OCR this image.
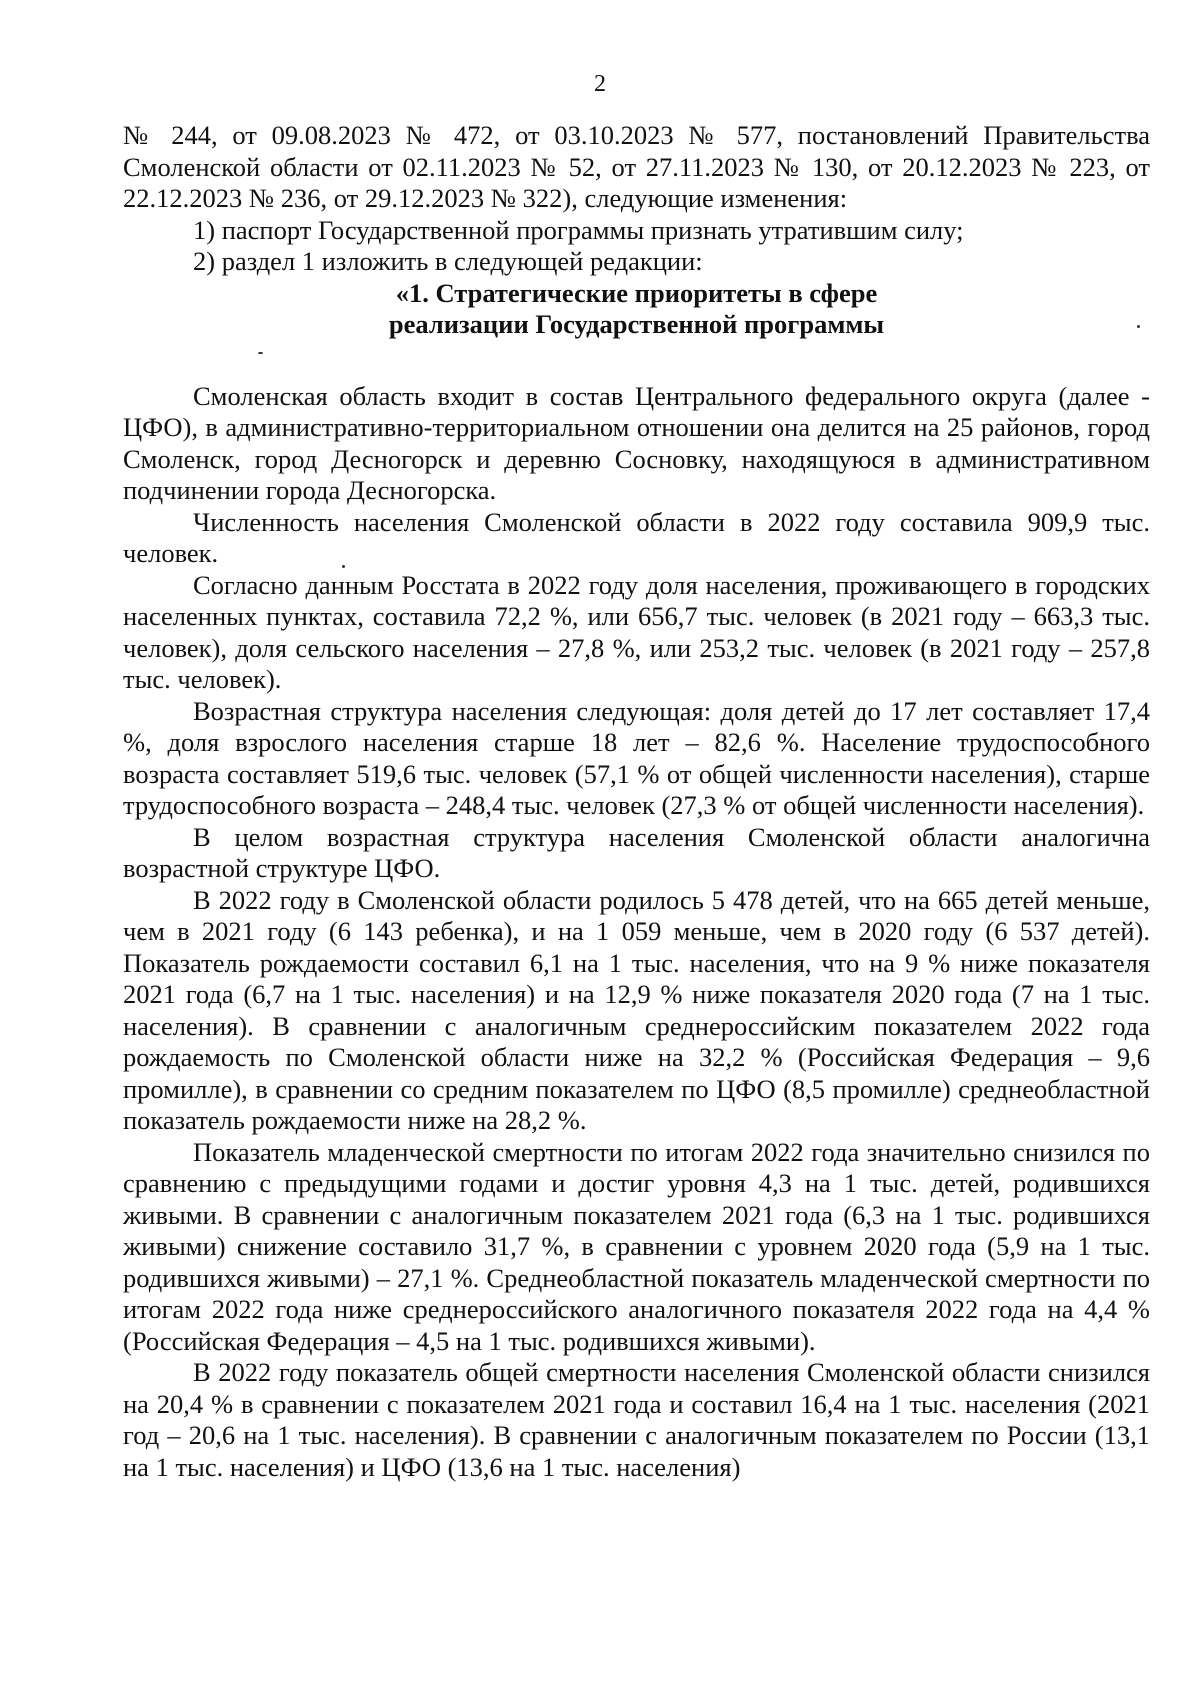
2

№ 244, от 09.08.2023 № 472, от 03.10.2023 № 577, постановлений Правительства Смоленской области от 02.11.2023 № 52, от 27.11.2023 № 130, от 20.12.2023 № 223, от 22.12.2023 № 236, от 29.12.2023 № 322), следующие изменения:

1) паспорт Государственной программы признать утратившим силу;

2) раздел 1 изложить в следующей редакции:

«1. Стратегические приоритеты в сфере

реализации Государственной программы

Смоленская область входит в состав Центрального федерального округа (далее - ЦФО), в административно-территориальном отношении она делится на 25 районов, город Смоленск, город Десногорск и деревню Сосновку, находящуюся в административном подчинении города Десногорска.

Численность населения Смоленской области в 2022 году составила 909,9 тыс. человек.

Согласно данным Росстата в 2022 году доля населения, проживающего в городских населенных пунктах, составила 72,2 %, или 656,7 тыс. человек (в 2021 году – 663,3 тыс. человек), доля сельского населения – 27,8 %, или 253,2 тыс. человек (в 2021 году – 257,8 тыс. человек).

Возрастная структура населения следующая: доля детей до 17 лет составляет 17,4 %, доля взрослого населения старше 18 лет – 82,6 %. Население трудоспособного возраста составляет 519,6 тыс. человек (57,1 % от общей численности населения), старше трудоспособного возраста – 248,4 тыс. человек (27,3 % от общей численности населения).

В целом возрастная структура населения Смоленской области аналогична возрастной структуре ЦФО.

В 2022 году в Смоленской области родилось 5 478 детей, что на 665 детей меньше, чем в 2021 году (6 143 ребенка), и на 1 059 меньше, чем в 2020 году (6 537 детей). Показатель рождаемости составил 6,1 на 1 тыс. населения, что на 9 % ниже показателя 2021 года (6,7 на 1 тыс. населения) и на 12,9 % ниже показателя 2020 года (7 на 1 тыс. населения). В сравнении с аналогичным среднероссийским показателем 2022 года рождаемость по Смоленской области ниже на 32,2 % (Российская Федерация – 9,6 промилле), в сравнении со средним показателем по ЦФО (8,5 промилле) среднеобластной показатель рождаемости ниже на 28,2 %.

Показатель младенческой смертности по итогам 2022 года значительно снизился по сравнению с предыдущими годами и достиг уровня 4,3 на 1 тыс. детей, родившихся живыми. В сравнении с аналогичным показателем 2021 года (6,3 на 1 тыс. родившихся живыми) снижение составило 31,7 %, в сравнении с уровнем 2020 года (5,9 на 1 тыс. родившихся живыми) – 27,1 %. Среднеобластной показатель младенческой смертности по итогам 2022 года ниже среднероссийского аналогичного показателя 2022 года на 4,4 % (Российская Федерация – 4,5 на 1 тыс. родившихся живыми).

В 2022 году показатель общей смертности населения Смоленской области снизился на 20,4 % в сравнении с показателем 2021 года и составил 16,4 на 1 тыс. населения (2021 год – 20,6 на 1 тыс. населения). В сравнении с аналогичным показателем по России (13,1 на 1 тыс. населения) и ЦФО (13,6 на 1 тыс. населения)
